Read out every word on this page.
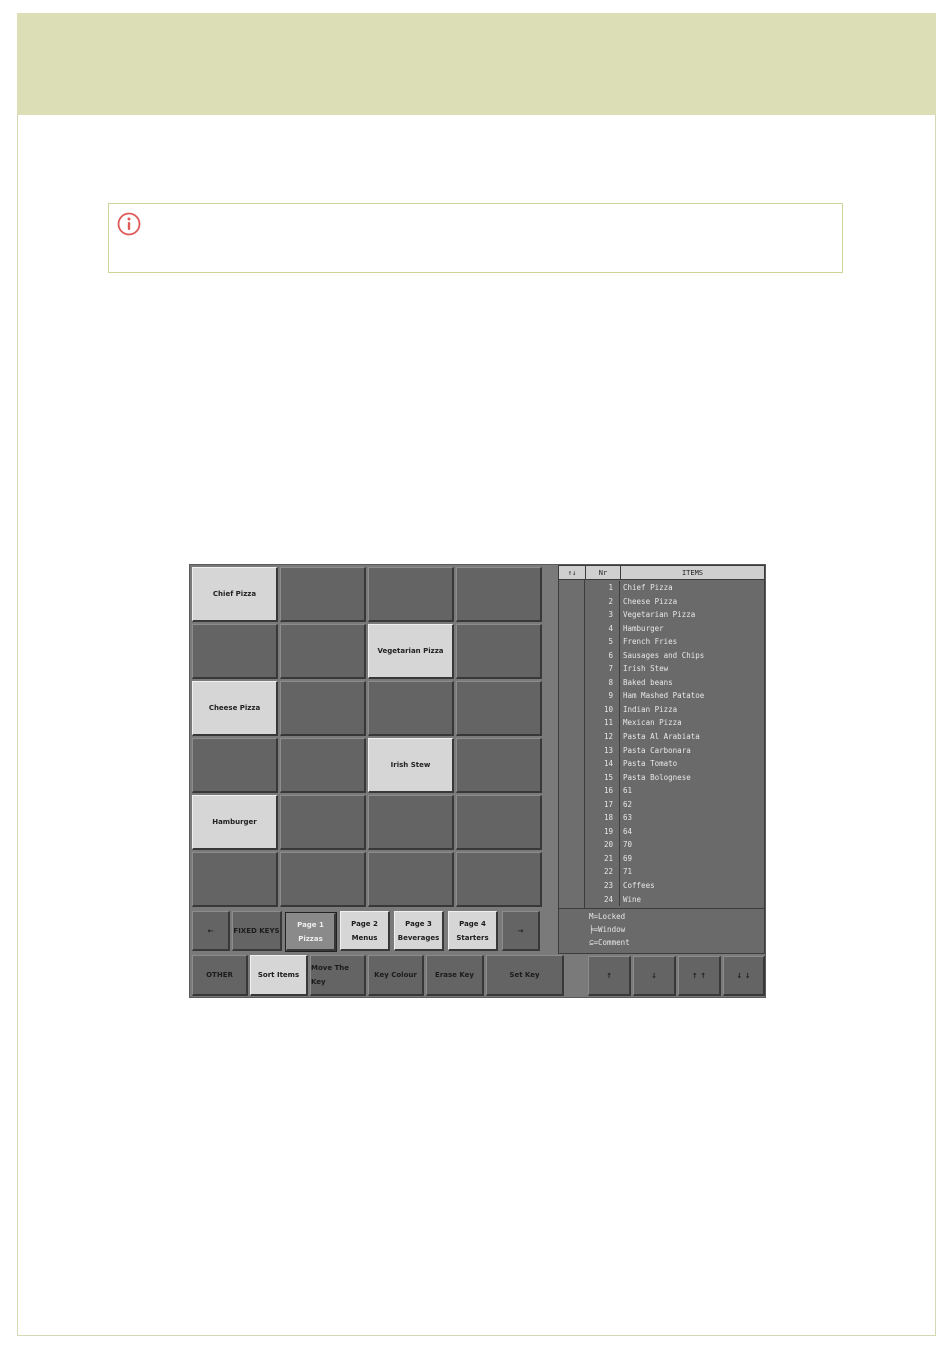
Chief Pizza
Vegetarian Pizza
Cheese Pizza
Irish Stew
Hamburger
←	FIXED KEYS
Page 1
Pizzas
Page 2
Menus
Page 3
Beverages
Page 4
Starters
→
OTHER	Sort Items
Move The Key
Key Colour	Erase Key	Set Key
↑↓	Nr	ITEMS
1	Chief Pizza
2	Cheese Pizza
3	Vegetarian Pizza
4	Hamburger
5	French Fries
6	Sausages and Chips
7	Irish Stew
8	Baked beans
9	Ham Mashed Patatoe
10	Indian Pizza
11	Mexican Pizza
12	Pasta Al Arabiata
13	Pasta Carbonara
14	Pasta Tomato
15	Pasta Bolognese
16	61
17	62
18	63
19	64
20	70
21	69
22	71
23	Coffees
24	Wine
M=Locked
╞=Window
⊆=Comment
↑	↓	↑ ↑	↓ ↓
